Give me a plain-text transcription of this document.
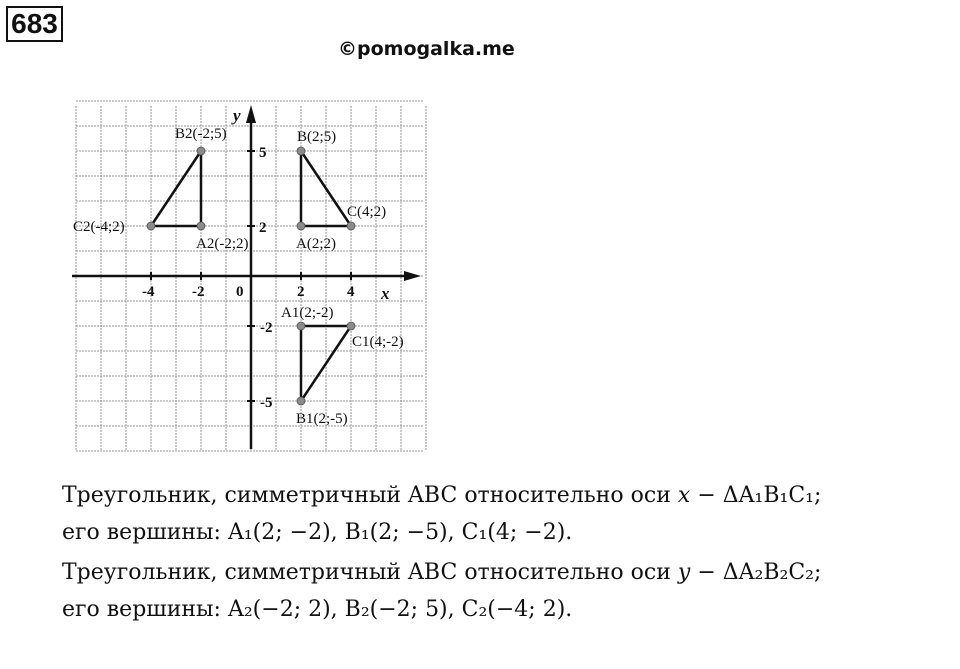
683
©pomogalka.me
x
y
-4	-2 0	2	4
5
2
-2
-5
A(2;2)
B(2;5)
C(4;2)
A1(2;-2)
B1(2;-5)
C1(4;-2)
A2(-2;2)
B2(-2;5)
C2(-4;2)

Треугольник, симметричный ABC относительно оси x − ΔA₁B₁C₁;

его вершины: A₁(2; −2), B₁(2; −5), C₁(4; −2).

Треугольник, симметричный ABC относительно оси y − ΔA₂B₂C₂;

его вершины: A₂(−2; 2), B₂(−2; 5), C₂(−4; 2).
